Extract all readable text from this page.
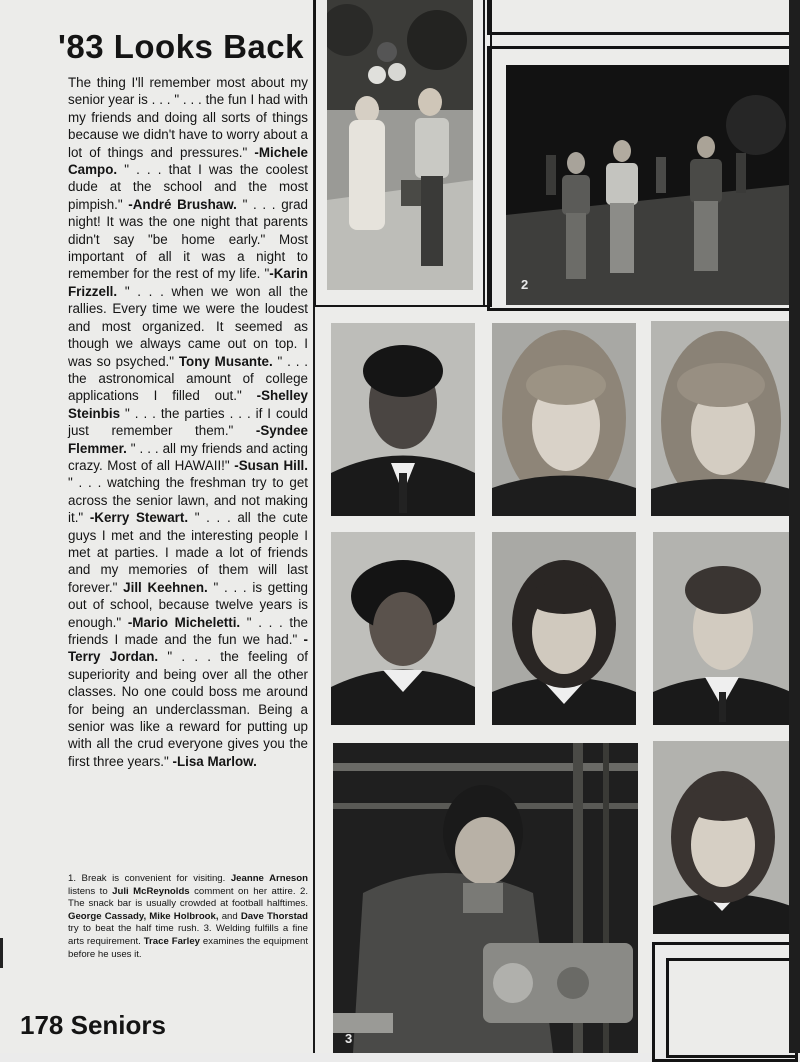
'83 Looks Back
The thing I'll remember most about my senior year is . . . " . . . the fun I had with my friends and doing all sorts of things because we didn't have to worry about a lot of things and pressures." -Michele Campo. " . . . that I was the coolest dude at the school and the most pimpish." -André Brushaw. " . . . grad night! It was the one night that parents didn't say "be home early." Most important of all it was a night to remember for the rest of my life. "-Karin Frizzell. " . . . when we won all the rallies. Every time we were the loudest and most organized. It seemed as though we always came out on top. I was so psyched." Tony Musante. " . . . the astronomical amount of college applications I filled out." -Shelley Steinbis " . . . the parties . . . if I could just remember them." -Syndee Flemmer. " . . . all my friends and acting crazy. Most of all HAWAII!" -Susan Hill. " . . . watching the freshman try to get across the senior lawn, and not making it." -Kerry Stewart. " . . . all the cute guys I met and the interesting people I met at parties. I made a lot of friends and my memories of them will last forever." Jill Keehnen. " . . . is getting out of school, because twelve years is enough." -Mario Micheletti. " . . . the friends I made and the fun we had." -Terry Jordan. " . . . the feeling of superiority and being over all the other classes. No one could boss me around for being an underclassman. Being a senior was like a reward for putting up with all the crud everyone gives you the first three years." -Lisa Marlow.
1. Break is convenient for visiting. Jeanne Arneson listens to Juli McReynolds comment on her attire. 2. The snack bar is usually crowded at football halftimes. George Cassady, Mike Holbrook, and Dave Thorstad try to beat the half time rush. 3. Welding fulfills a fine arts requirement. Trace Farley examines the equipment before he uses it.
178 Seniors
2
3
